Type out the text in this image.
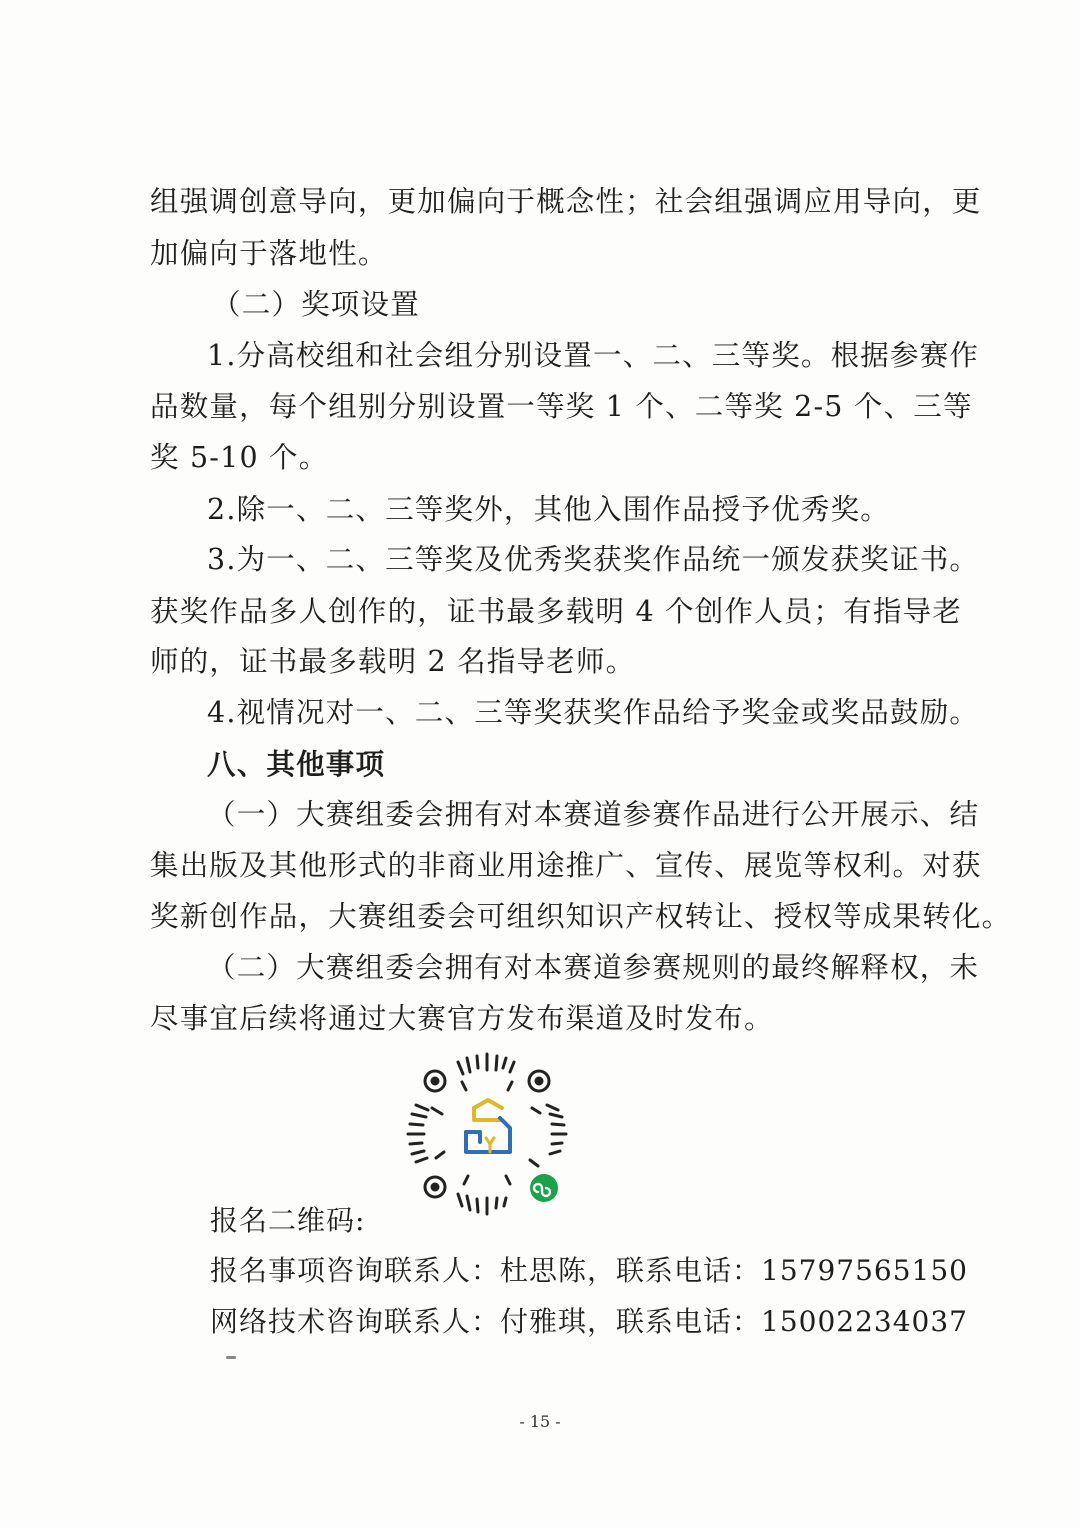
组强调创意导向，更加偏向于概念性；社会组强调应用导向，更
加偏向于落地性。
（二）奖项设置
1.分高校组和社会组分别设置一、二、三等奖。根据参赛作
品数量，每个组别分别设置一等奖 1 个、二等奖 2-5 个、三等
奖 5-10 个。
2.除一、二、三等奖外，其他入围作品授予优秀奖。
3.为一、二、三等奖及优秀奖获奖作品统一颁发获奖证书。
获奖作品多人创作的，证书最多载明 4 个创作人员；有指导老
师的，证书最多载明 2 名指导老师。
4.视情况对一、二、三等奖获奖作品给予奖金或奖品鼓励。
八、其他事项
（一）大赛组委会拥有对本赛道参赛作品进行公开展示、结
集出版及其他形式的非商业用途推广、宣传、展览等权利。对获
奖新创作品，大赛组委会可组织知识产权转让、授权等成果转化。
（二）大赛组委会拥有对本赛道参赛规则的最终解释权，未
尽事宜后续将通过大赛官方发布渠道及时发布。
报名二维码:
报名事项咨询联系人：杜思陈，联系电话：15797565150
网络技术咨询联系人：付雅琪，联系电话：15002234037
- 15 -
